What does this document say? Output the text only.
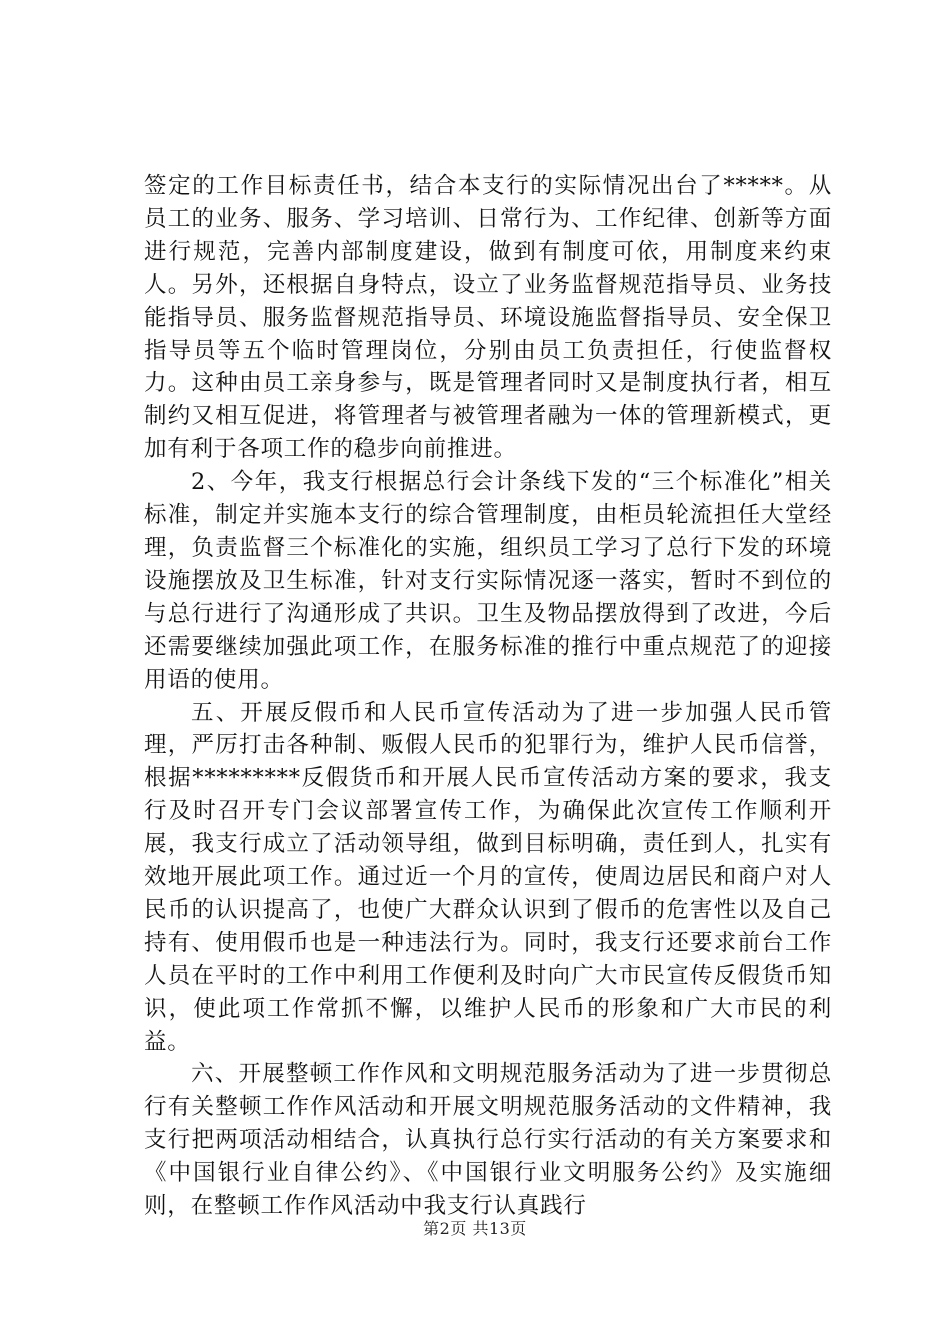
签定的工作目标责任书，结合本支行的实际情况出台了*****。从员工的业务、服务、学习培训、日常行为、工作纪律、创新等方面进行规范，完善内部制度建设，做到有制度可依，用制度来约束人。另外，还根据自身特点，设立了业务监督规范指导员、业务技能指导员、服务监督规范指导员、环境设施监督指导员、安全保卫指导员等五个临时管理岗位，分别由员工负责担任，行使监督权力。这种由员工亲身参与，既是管理者同时又是制度执行者，相互制约又相互促进，将管理者与被管理者融为一体的管理新模式，更加有利于各项工作的稳步向前推进。

2、今年，我支行根据总行会计条线下发的“三个标准化”相关标准，制定并实施本支行的综合管理制度，由柜员轮流担任大堂经理，负责监督三个标准化的实施，组织员工学习了总行下发的环境设施摆放及卫生标准，针对支行实际情况逐一落实，暂时不到位的与总行进行了沟通形成了共识。卫生及物品摆放得到了改进，今后还需要继续加强此项工作，在服务标准的推行中重点规范了的迎接用语的使用。

五、开展反假币和人民币宣传活动为了进一步加强人民币管理，严厉打击各种制、贩假人民币的犯罪行为，维护人民币信誉，根据*********反假货币和开展人民币宣传活动方案的要求，我支行及时召开专门会议部署宣传工作，为确保此次宣传工作顺利开展，我支行成立了活动领导组，做到目标明确，责任到人，扎实有效地开展此项工作。通过近一个月的宣传，使周边居民和商户对人民币的认识提高了，也使广大群众认识到了假币的危害性以及自己持有、使用假币也是一种违法行为。同时，我支行还要求前台工作人员在平时的工作中利用工作便利及时向广大市民宣传反假货币知识，使此项工作常抓不懈，以维护人民币的形象和广大市民的利益。

六、开展整顿工作作风和文明规范服务活动为了进一步贯彻总行有关整顿工作作风活动和开展文明规范服务活动的文件精神，我支行把两项活动相结合，认真执行总行实行活动的有关方案要求和《中国银行业自律公约》、《中国银行业文明服务公约》及实施细则，在整顿工作作风活动中我支行认真践行

第2页 共13页
